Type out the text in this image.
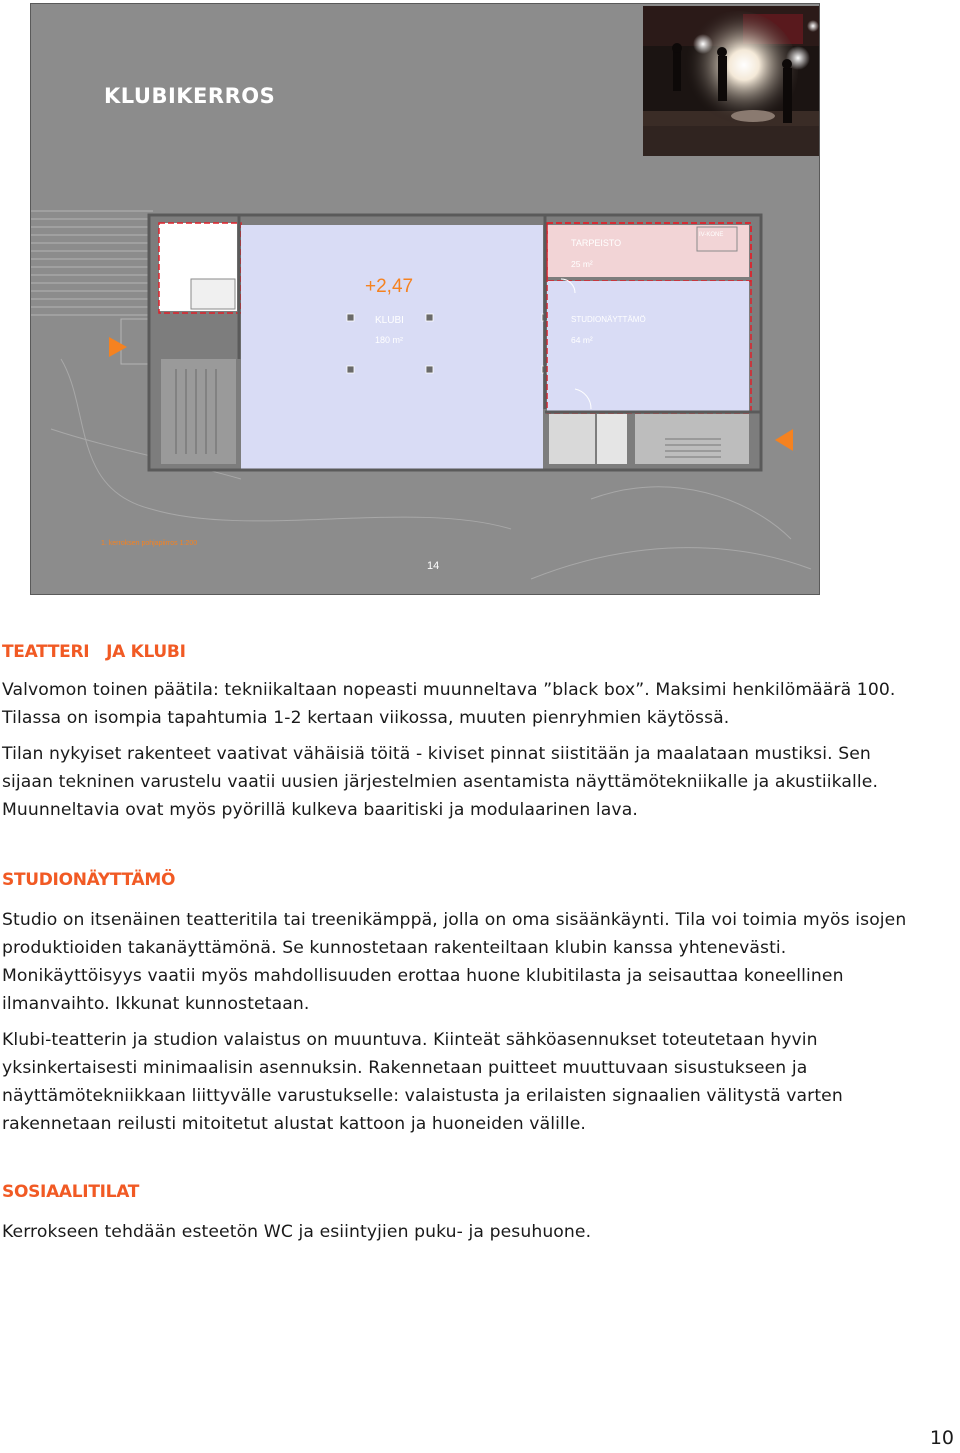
KLUBIKERROS
WC
15,5 m²
+2,47
KLUBI
180 m²
TARPEISTO
25 m²
IV-KONE
STUDIONÄYTTÄMÖ
64 m²
1. kerroksen pohjapiirros 1:200
14
TEATTERI   JA KLUBI

Valvomon toinen päätila: tekniikaltaan nopeasti muunneltava ”black box”. Maksimi henkilömäärä 100. Tilassa on isompia tapahtumia 1-2 kertaan viikossa, muuten pienryhmien käytössä.

Tilan nykyiset rakenteet vaativat vähäisiä töitä - kiviset pinnat siistitään ja maalataan mustiksi. Sen sijaan tekninen varustelu vaatii uusien järjestelmien asentamista näyttämötekniikalle ja akustiikalle. Muunneltavia ovat myös pyörillä kulkeva baaritiski ja modulaarinen lava.

STUDIONÄYTTÄMÖ

Studio on itsenäinen teatteritila tai treenikämppä, jolla on oma sisäänkäynti. Tila voi toimia myös isojen produktioiden takanäyttämönä. Se kunnostetaan rakenteiltaan klubin kanssa yhtenevästi. Monikäyttöisyys vaatii myös mahdollisuuden erottaa huone klubitilasta ja seisauttaa koneellinen ilmanvaihto. Ikkunat kunnostetaan.

Klubi-teatterin ja studion valaistus on muuntuva. Kiinteät sähköasennukset toteutetaan hyvin yksinkertaisesti minimaalisin asennuksin. Rakennetaan puitteet muuttuvaan sisustukseen ja näyttämötekniikkaan liittyvälle varustukselle: valaistusta ja erilaisten signaalien välitystä varten rakennetaan reilusti mitoitetut alustat kattoon ja huoneiden välille.

SOSIAALITILAT

Kerrokseen tehdään esteetön WC ja esiintyjien puku- ja pesuhuone.

10
